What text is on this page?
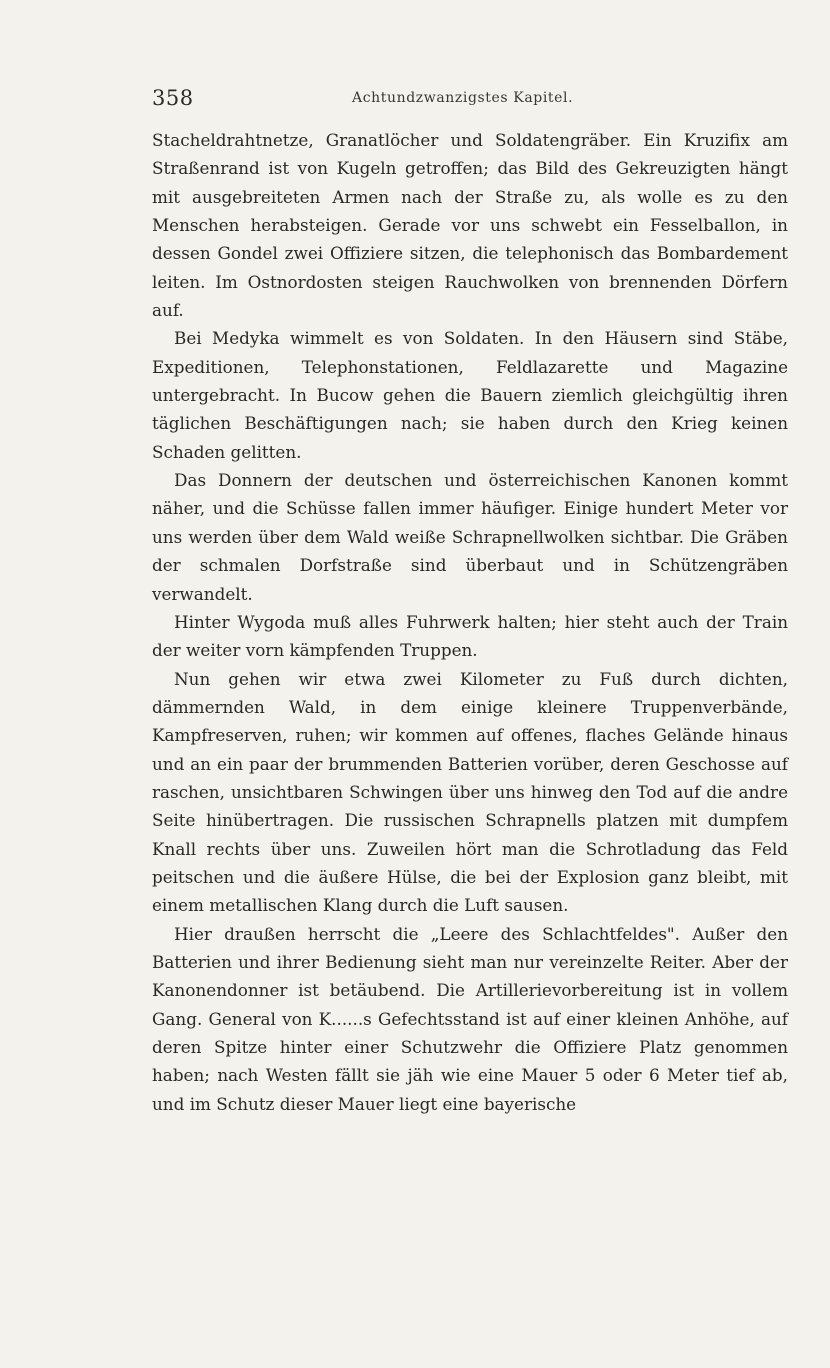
358	Achtundzwanzigstes Kapitel.

Stacheldrahtnetze, Granatlöcher und Soldatengräber. Ein Kruzifix am Straßenrand ist von Kugeln getroffen; das Bild des Gekreuzigten hängt mit ausgebreiteten Armen nach der Straße zu, als wolle es zu den Menschen herabsteigen. Gerade vor uns schwebt ein Fesselballon, in dessen Gondel zwei Offiziere sitzen, die telephonisch das Bombardement leiten. Im Ostnordosten steigen Rauchwolken von brennenden Dörfern auf.

Bei Medyka wimmelt es von Soldaten. In den Häusern sind Stäbe, Expeditionen, Telephonstationen, Feldlazarette und Magazine untergebracht. In Bucow gehen die Bauern ziemlich gleichgültig ihren täglichen Beschäftigungen nach; sie haben durch den Krieg keinen Schaden gelitten.

Das Donnern der deutschen und österreichischen Kanonen kommt näher, und die Schüsse fallen immer häufiger. Einige hundert Meter vor uns werden über dem Wald weiße Schrapnellwolken sichtbar. Die Gräben der schmalen Dorfstraße sind überbaut und in Schützengräben verwandelt.

Hinter Wygoda muß alles Fuhrwerk halten; hier steht auch der Train der weiter vorn kämpfenden Truppen.

Nun gehen wir etwa zwei Kilometer zu Fuß durch dichten, dämmernden Wald, in dem einige kleinere Truppenverbände, Kampfreserven, ruhen; wir kommen auf offenes, flaches Gelände hinaus und an ein paar der brummenden Batterien vorüber, deren Geschosse auf raschen, unsichtbaren Schwingen über uns hinweg den Tod auf die andre Seite hinübertragen. Die russischen Schrapnells platzen mit dumpfem Knall rechts über uns. Zuweilen hört man die Schrotladung das Feld peitschen und die äußere Hülse, die bei der Explosion ganz bleibt, mit einem metallischen Klang durch die Luft sausen.

Hier draußen herrscht die „Leere des Schlachtfeldes". Außer den Batterien und ihrer Bedienung sieht man nur vereinzelte Reiter. Aber der Kanonendonner ist betäubend. Die Artillerievorbereitung ist in vollem Gang. General von K......s Gefechtsstand ist auf einer kleinen Anhöhe, auf deren Spitze hinter einer Schutzwehr die Offiziere Platz genommen haben; nach Westen fällt sie jäh wie eine Mauer 5 oder 6 Meter tief ab, und im Schutz dieser Mauer liegt eine bayerische
